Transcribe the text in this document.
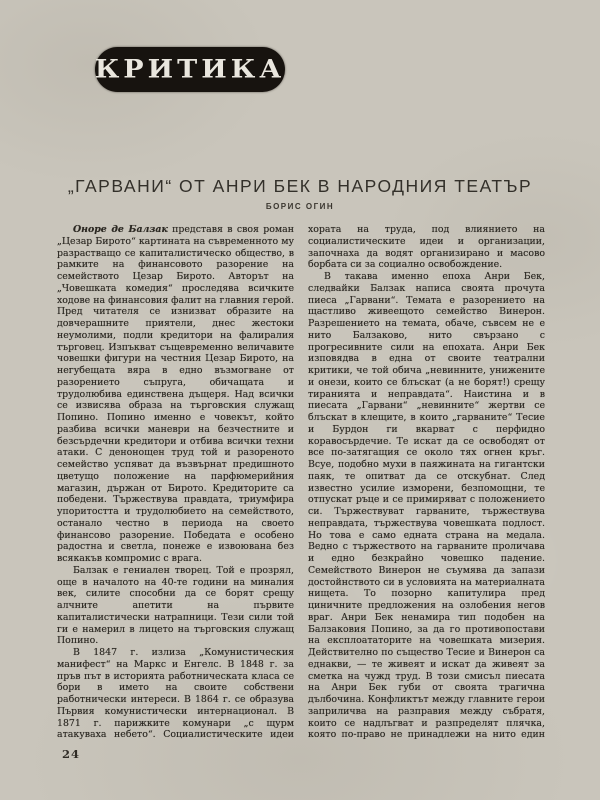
КРИТИКА
„ГАРВАНИ“ ОТ АНРИ БЕК В НАРОДНИЯ ТЕАТЪР
БОРИС ОГИН

Оноре де Балзак представя в своя роман „Цезар Бирото“ картината на съвременното му разрастващо се капиталистическо общество, в рамките на финансовото разорение на семейството Цезар Бирото. Авторът на „Човешката комедия“ проследява всичките ходове на финансовия фалит на главния герой. Пред читателя се изнизват образите на довчерашните приятели, днес жестоки неумолими, подли кредитори на фалиралия търговец. Изпъкват същевременно величавите човешки фигури на честния Цезар Бирото, на негубещата вяра в едно възмогване от разорението съпруга, обичащата и трудолюбива единствена дъщеря. Над всички се извисява образа на търговския служащ Попино. Попино именно е човекът, който разбива всички маневри на безчестните и безсърдечни кредитори и отбива всички техни атаки. С денонощен труд той и разореното семейство успяват да възвърнат предишното цветущо положение на парфюмерийния магазин, държан от Бирото. Кредиторите са победени. Тържествува правдата, триумфира упоритостта и трудолюбието на семейството, останало честно в периода на своето финансово разорение. Победата е особено радостна и светла, понеже е извоювана без всякакъв компромис с врага.

Балзак е гениален творец. Той е прозрял, още в началото на 40-те години на миналия век, силите способни да се борят срещу алчните апетити на първите капиталистически натрапници. Тези сили той ги е намерил в лицето на търговския служащ Попино.

В 1847 г. излиза „Комунистическия манифест“ на Маркс и Енгелс. В 1848 г. за пръв път в историята работническата класа се бори в името на своите собствени работнически интереси. В 1864 г. се образува Първия комунистически интернационал. В 1871 г. парижките комунари „с щурм атакуваха небето“. Социалистическите идеи

хората на труда, под влиянието на социалистическите идеи и организации, започнаха да водят организирано и масово борбата си за социално освобождение.

В такава именно епоха Анри Бек, следвайки Балзак написа своята прочута пиеса „Гарвани“. Темата е разорението на щастливо живеещото семейство Винерон. Разрешението на темата, обаче, съвсем не е нито Балзаково, нито свързано с прогресивните сили на епохата. Анри Бек изповядва в една от своите театрални критики, че той обича „невинните, унижените и онези, които се блъскат (а не борят!) срещу тиранията и неправдата“. Наистина и в пиесата „Гарвани“ „невинните“ жертви се блъскат в клещите, в които „гарваните“ Тесие и Бурдон ги вкарват с перфидно коравосърдечие. Те искат да се освободят от все по-затягащия се около тях огнен кръг. Всуе, подобно мухи в паяжината на гигантски паяк, те опитват да се отскубнат. След известно усилие изморени, безпомощни, те отпускат ръце и се примиряват с положението си. Тържествуват гарваните, тържествува неправдата, тържествува човешката подлост. Но това е само едната страна на медала. Ведно с тържеството на гарваните проличава и едно безкрайно човешко падение. Семейството Винерон не съумява да запази достойнството си в условията на материалната нищета. То позорно капитулира пред циничните предложения на озлобения негов враг. Анри Бек ненамира тип подобен на Балзаковия Попино, за да го противопостави на експлоататорите на човешката мизерия. Действително по същество Тесие и Винерон са еднакви, — те живеят и искат да живеят за сметка на чужд труд. В този смисъл пиесата на Анри Бек губи от своята трагична дълбочина. Конфликтът между главните герои заприличва на разправия между събратя, които се надлъгват и разпределят плячка, която по-право не принадлежи на нито един

24
